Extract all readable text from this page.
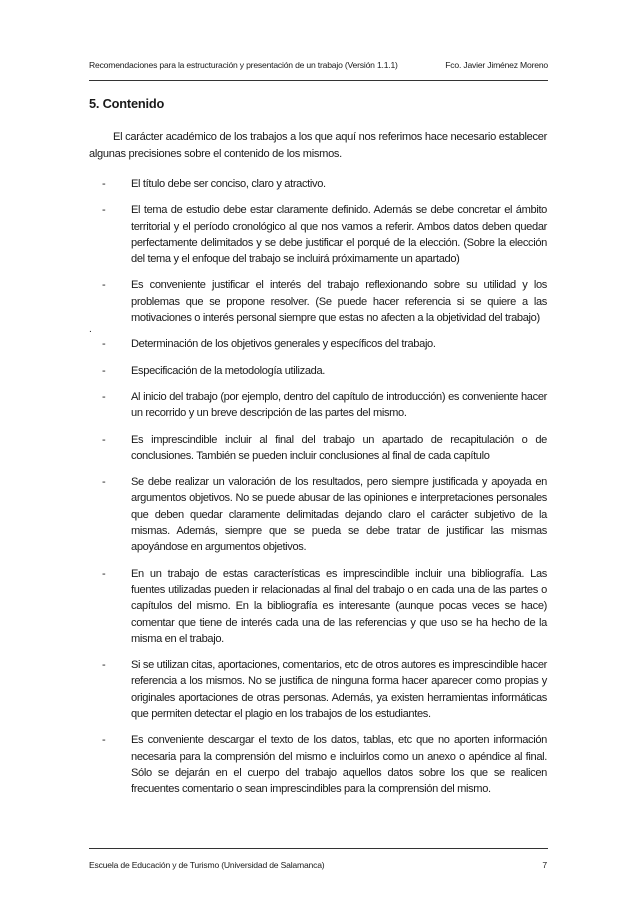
Recomendaciones para la estructuración y presentación de un trabajo (Versión 1.1.1)	Fco. Javier Jiménez Moreno
5. Contenido
El carácter académico de los trabajos a los que aquí nos referimos hace necesario establecer algunas precisiones sobre el contenido de los mismos.
- El título debe ser conciso, claro y atractivo.
- El tema de estudio debe estar claramente definido. Además se debe concretar el ámbito territorial y el período cronológico al que nos vamos a referir. Ambos datos deben quedar perfectamente delimitados y se debe justificar el porqué de la elección. (Sobre la elección del tema y el enfoque del trabajo se incluirá próximamente un apartado)
- Es conveniente justificar el interés del trabajo reflexionando sobre su utilidad y los problemas que se propone resolver. (Se puede hacer referencia si se quiere a las motivaciones o interés personal siempre que estas no afecten a la objetividad del trabajo)
- Determinación de los objetivos generales y específicos del trabajo.
- Especificación de la metodología utilizada.
- Al inicio del trabajo (por ejemplo, dentro del capítulo de introducción) es conveniente hacer un recorrido y un breve descripción de las partes del mismo.
- Es imprescindible incluir al final del trabajo un apartado de recapitulación o de conclusiones. También se pueden incluir conclusiones al final de cada capítulo
- Se debe realizar un valoración de los resultados, pero siempre justificada y apoyada en argumentos objetivos. No se puede abusar de las opiniones e interpretaciones personales que deben quedar claramente delimitadas dejando claro el carácter subjetivo de la mismas. Además, siempre que se pueda se debe tratar de justificar las mismas apoyándose en argumentos objetivos.
- En un trabajo de estas características es imprescindible incluir una bibliografía. Las fuentes utilizadas pueden ir relacionadas al final del trabajo o en cada una de las partes o capítulos del mismo. En la bibliografía es interesante (aunque pocas veces se hace) comentar que tiene de interés cada una de las referencias y que uso se ha hecho de la misma en el trabajo.
- Si se utilizan citas, aportaciones, comentarios, etc de otros autores es imprescindible hacer referencia a los mismos. No se justifica de ninguna forma hacer aparecer como propias y originales aportaciones de otras personas. Además, ya existen herramientas informáticas que permiten detectar el plagio en los trabajos de los estudiantes.
- Es conveniente descargar el texto de los datos, tablas, etc que no aporten información necesaria para la comprensión del mismo e incluirlos como un anexo o apéndice al final. Sólo se dejarán en el cuerpo del trabajo aquellos datos sobre los que se realicen frecuentes comentario o sean imprescindibles para la comprensión del mismo.
.
Escuela de Educación y de Turismo (Universidad de Salamanca)	7
